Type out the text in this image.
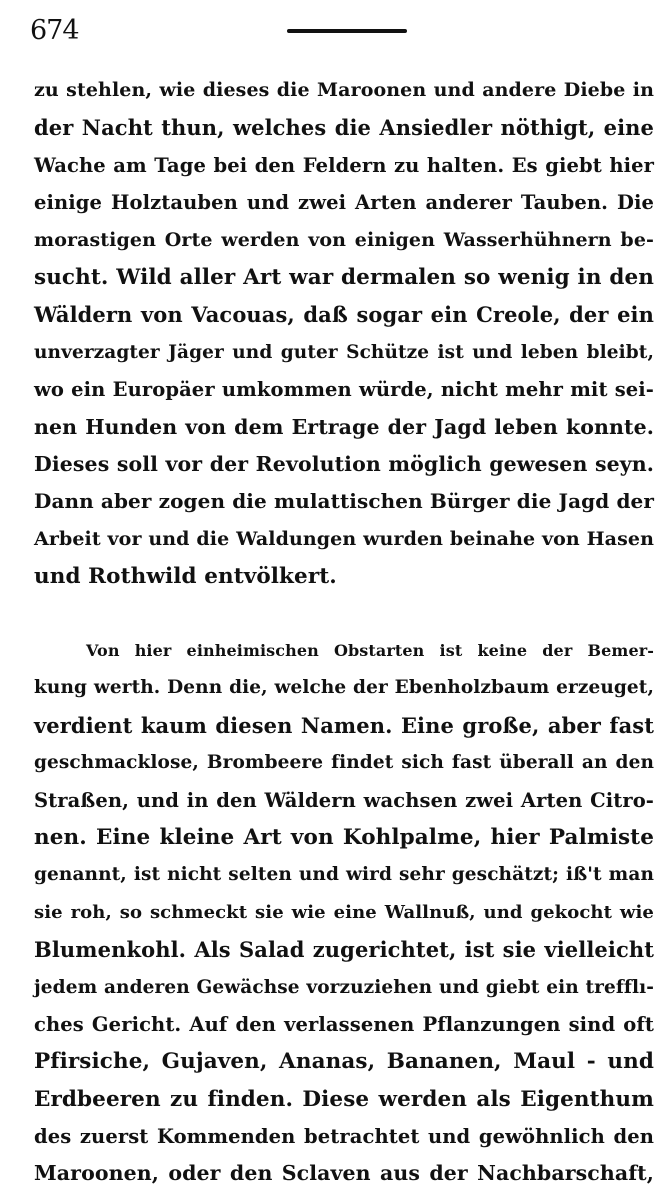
674
zu stehlen, wie dieses die Maroonen und andere Diebe in
der Nacht thun, welches die Ansiedler nöthigt, eine
Wache am Tage bei den Feldern zu halten. Es giebt hier
einige Holztauben und zwei Arten anderer Tauben. Die
morastigen Orte werden von einigen Wasserhühnern be-
sucht. Wild aller Art war dermalen so wenig in den
Wäldern von Vacouas, daß sogar ein Creole, der ein
unverzagter Jäger und guter Schütze ist und leben bleibt,
wo ein Europäer umkommen würde, nicht mehr mit sei-
nen Hunden von dem Ertrage der Jagd leben konnte.
Dieses soll vor der Revolution möglich gewesen seyn.
Dann aber zogen die mulattischen Bürger die Jagd der
Arbeit vor und die Waldungen wurden beinahe von Hasen
und Rothwild entvölkert.
Von hier einheimischen Obstarten ist keine der Bemer-
kung werth. Denn die, welche der Ebenholzbaum erzeuget,
verdient kaum diesen Namen. Eine große, aber fast
geschmacklose, Brombeere findet sich fast überall an den
Straßen, und in den Wäldern wachsen zwei Arten Citro-
nen. Eine kleine Art von Kohlpalme, hier Palmiste
genannt, ist nicht selten und wird sehr geschätzt; iß't man
sie roh, so schmeckt sie wie eine Wallnuß, und gekocht wie
Blumenkohl. Als Salad zugerichtet, ist sie vielleicht
jedem anderen Gewächse vorzuziehen und giebt ein trefflı-
ches Gericht. Auf den verlassenen Pflanzungen sind oft
Pfirsiche, Gujaven, Ananas, Bananen, Maul - und
Erdbeeren zu finden. Diese werden als Eigenthum
des zuerst Kommenden betrachtet und gewöhnlich den
Maroonen, oder den Sclaven aus der Nachbarschaft,
